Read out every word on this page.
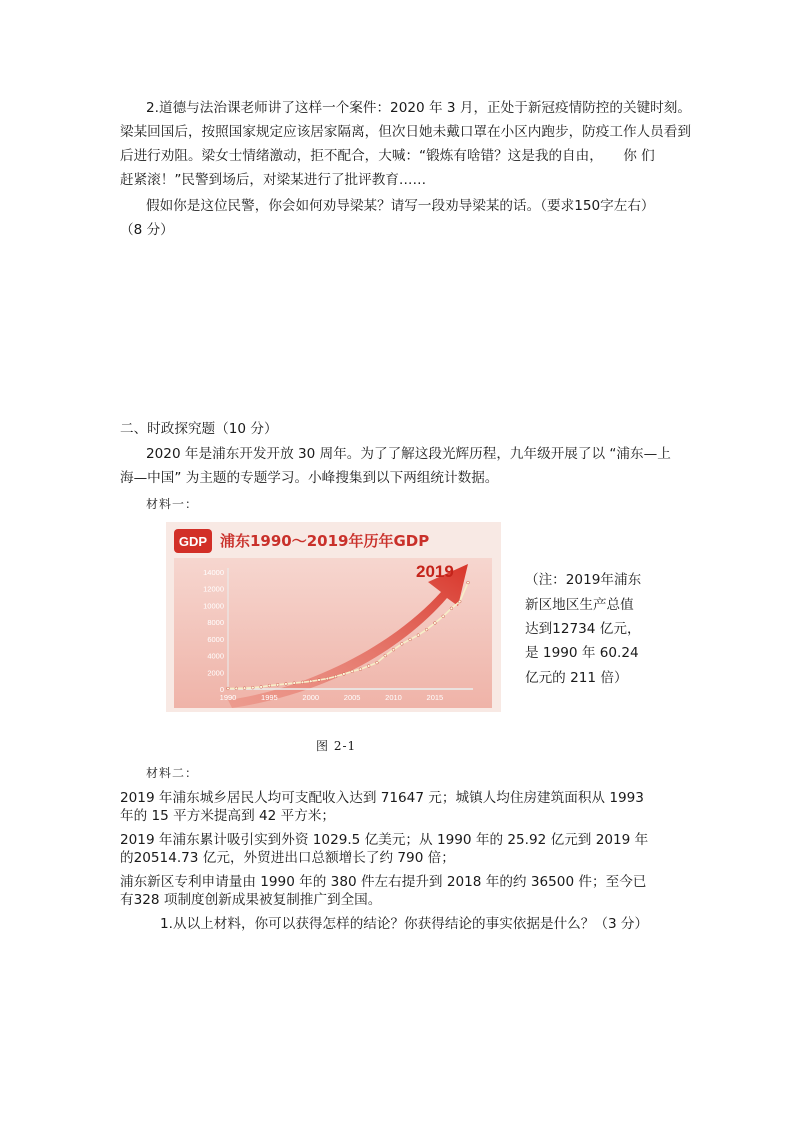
2.道德与法治课老师讲了这样一个案件：2020 年 3 月，正处于新冠疫情防控的关键时刻。
梁某回国后，按照国家规定应该居家隔离，但次日她未戴口罩在小区内跑步，防疫工作人员看到
后进行劝阻。梁女士情绪激动，拒不配合，大喊：“锻炼有啥错？这是我的自由，　　你 们
赶紧滚！”民警到场后，对梁某进行了批评教育……
假如你是这位民警，你会如何劝导梁某？请写一段劝导梁某的话。（要求150字左右）
（8 分）
二、时政探究题（10 分）
2020 年是浦东开发开放 30 周年。为了了解这段光辉历程，九年级开展了以 “浦东—上
海—中国” 为主题的专题学习。小峰搜集到以下两组统计数据。
材料一：
GDP 浦东1990～2019年历年GDP
0
2000
4000
6000
8000
10000
12000
14000
1990	1995	2000	2005	2010	2015
2019	（注：2019年浦东
新区地区生产总值
达到12734 亿元，
是 1990 年 60.24
亿元的 211 倍）
图 2-1
材料二：
2019 年浦东城乡居民人均可支配收入达到 71647 元；城镇人均住房建筑面积从 1993
年的 15 平方米提高到 42 平方米；
2019 年浦东累计吸引实到外资 1029.5 亿美元；从 1990 年的 25.92 亿元到 2019 年
的20514.73 亿元，外贸进出口总额增长了约 790 倍；
浦东新区专利申请量由 1990 年的 380 件左右提升到 2018 年的约 36500 件；至今已
有328 项制度创新成果被复制推广到全国。
1.从以上材料，你可以获得怎样的结论？你获得结论的事实依据是什么？（3 分）
